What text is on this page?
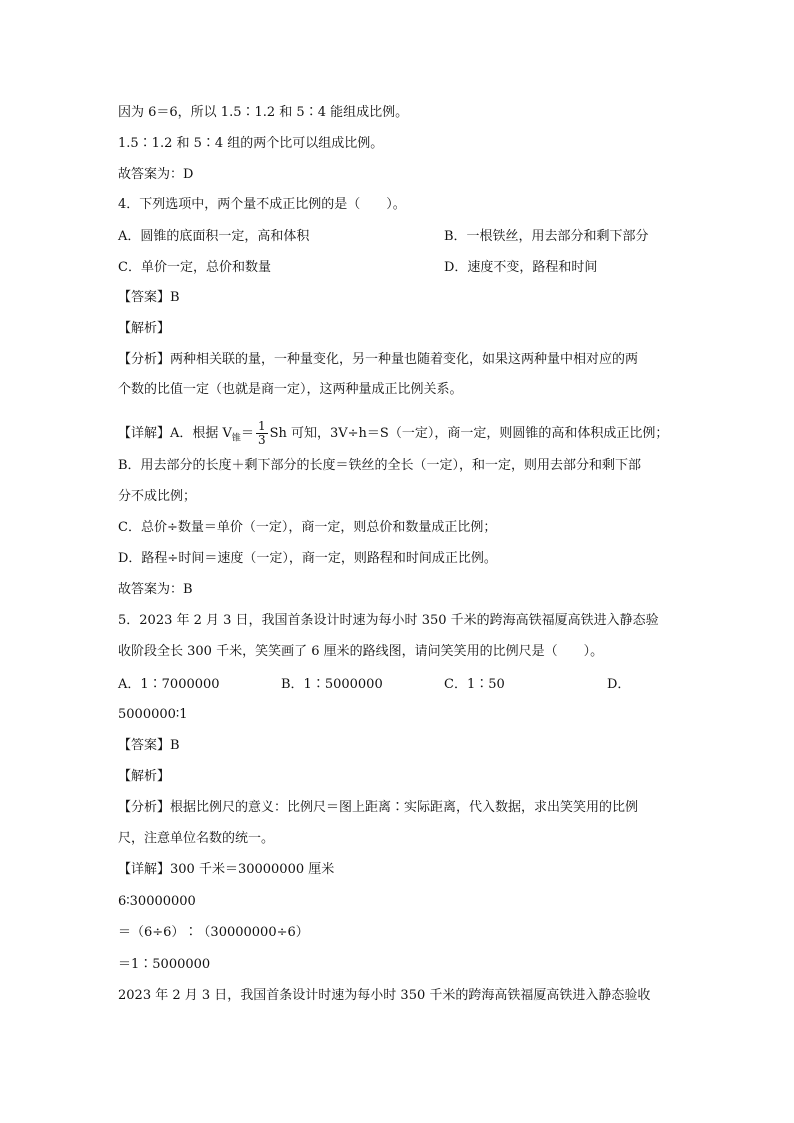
因为 6＝6，所以 1.5∶1.2 和 5∶4 能组成比例。
1.5∶1.2 和 5∶4 组的两个比可以组成比例。
故答案为：D
4．下列选项中，两个量不成正比例的是（　　）。
A．圆锥的底面积一定，高和体积	B．一根铁丝，用去部分和剩下部分
C．单价一定，总价和数量	D．速度不变，路程和时间
【答案】B
【解析】
【分析】两种相关联的量，一种量变化，另一种量也随着变化，如果这两种量中相对应的两
个数的比值一定（也就是商一定），这两种量成正比例关系。
【详解】A．根据 $V_锥= \frac{1}{3}$ Sh 可知，3V÷h＝S（一定），商一定，则圆锥的高和体积成正比例；
B．用去部分的长度＋剩下部分的长度＝铁丝的全长（一定），和一定，则用去部分和剩下部
分不成比例；
C．总价÷数量＝单价（一定），商一定，则总价和数量成正比例；
D．路程÷时间＝速度（一定），商一定，则路程和时间成正比例。
故答案为：B
5．2023 年 2 月 3 日，我国首条设计时速为每小时 350 千米的跨海高铁福厦高铁进入静态验
收阶段全长 300 千米，笑笑画了 6 厘米的路线图，请问笑笑用的比例尺是（　　）。
A．1∶7000000	B．1∶5000000	C．1∶50	D．
5000000∶1
【答案】B
【解析】
【分析】根据比例尺的意义：比例尺＝图上距离∶实际距离，代入数据，求出笑笑用的比例
尺，注意单位名数的统一。
【详解】300 千米＝30000000 厘米
6∶30000000
＝（6÷6）∶（30000000÷6）
＝1∶5000000
2023 年 2 月 3 日，我国首条设计时速为每小时 350 千米的跨海高铁福厦高铁进入静态验收
